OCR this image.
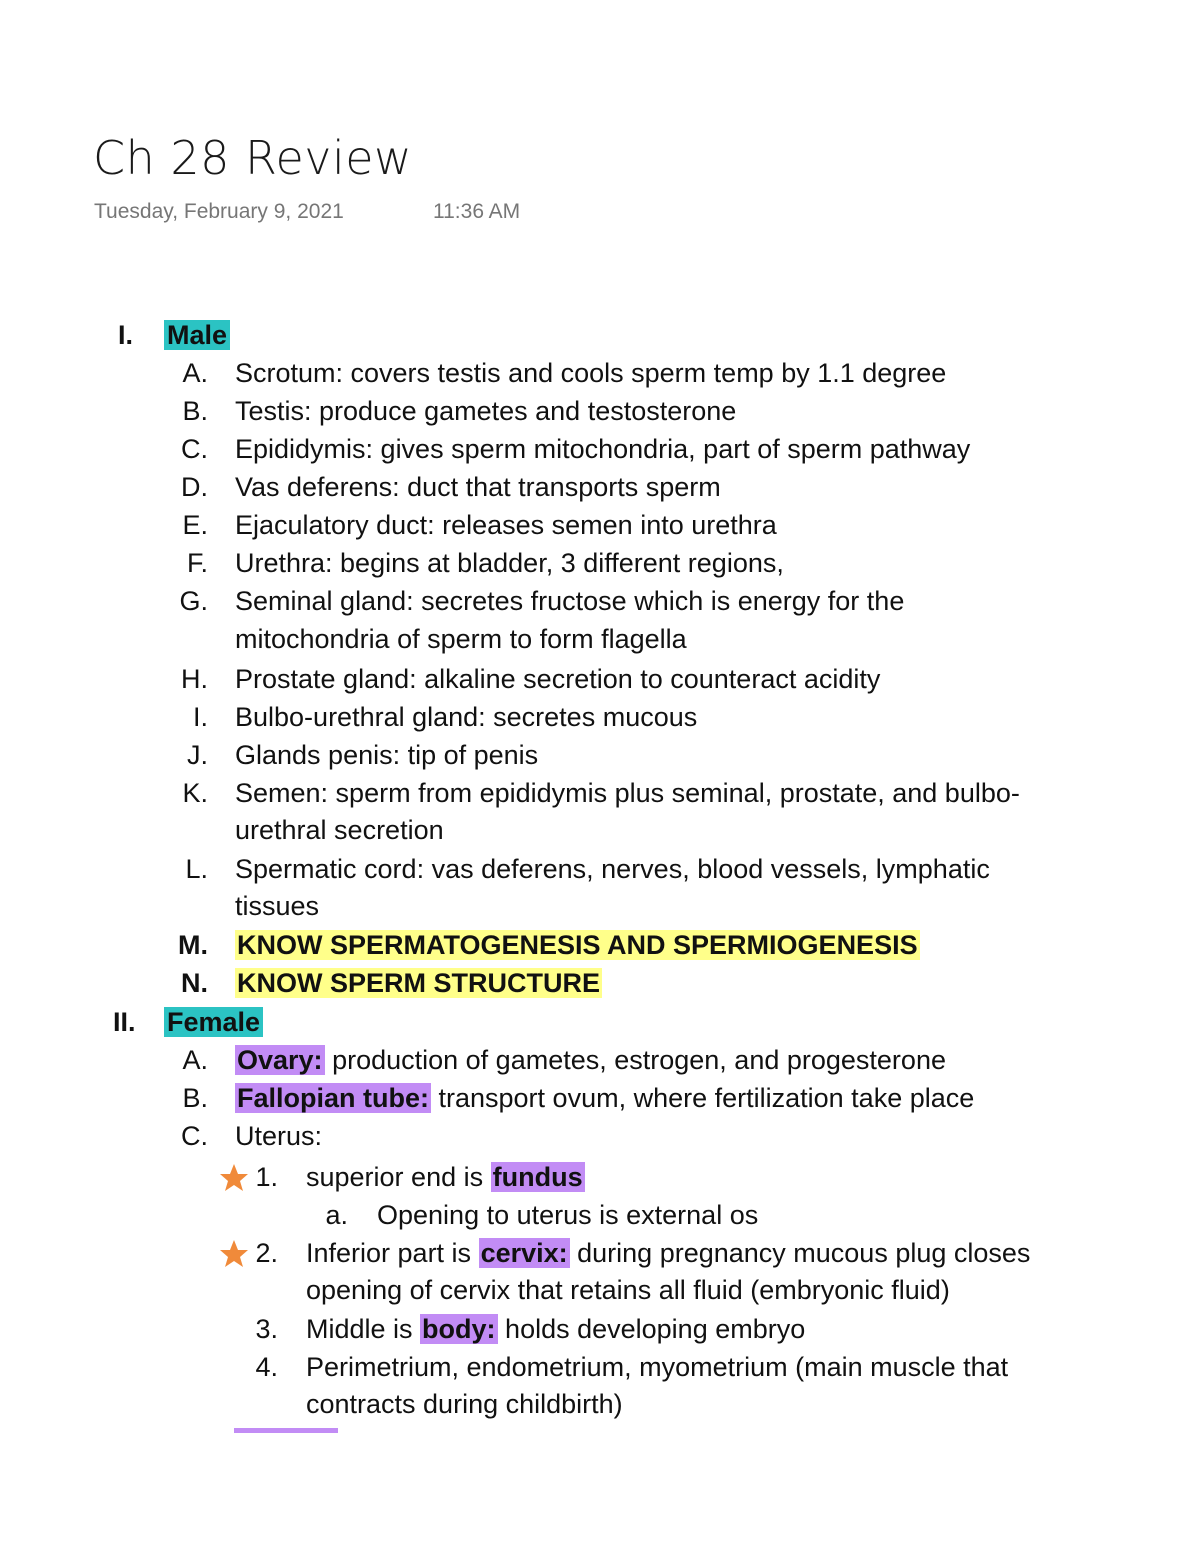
Ch 28 Review
Tuesday, February 9, 2021	11:36 AM
I. Male
A. Scrotum: covers testis and cools sperm temp by 1.1 degree
B. Testis: produce gametes and testosterone
C. Epididymis: gives sperm mitochondria, part of sperm pathway
D. Vas deferens: duct that transports sperm
E. Ejaculatory duct: releases semen into urethra
F. Urethra: begins at bladder, 3 different regions,
G. Seminal gland: secretes fructose which is energy for the
mitochondria of sperm to form flagella
H. Prostate gland: alkaline secretion to counteract acidity
I. Bulbo-urethral gland: secretes mucous
J. Glands penis: tip of penis
K. Semen: sperm from epididymis plus seminal, prostate, and bulbo-
urethral secretion
L. Spermatic cord: vas deferens, nerves, blood vessels, lymphatic
tissues
M. KNOW SPERMATOGENESIS AND SPERMIOGENESIS
N. KNOW SPERM STRUCTURE
II. Female
A. Ovary: production of gametes, estrogen, and progesterone
B. Fallopian tube: transport ovum, where fertilization take place
C. Uterus:
1. superior end is fundus
a. Opening to uterus is external os
2. Inferior part is cervix: during pregnancy mucous plug closes
opening of cervix that retains all fluid (embryonic fluid)
3. Middle is body: holds developing embryo
4. Perimetrium, endometrium, myometrium (main muscle that
contracts during childbirth)
